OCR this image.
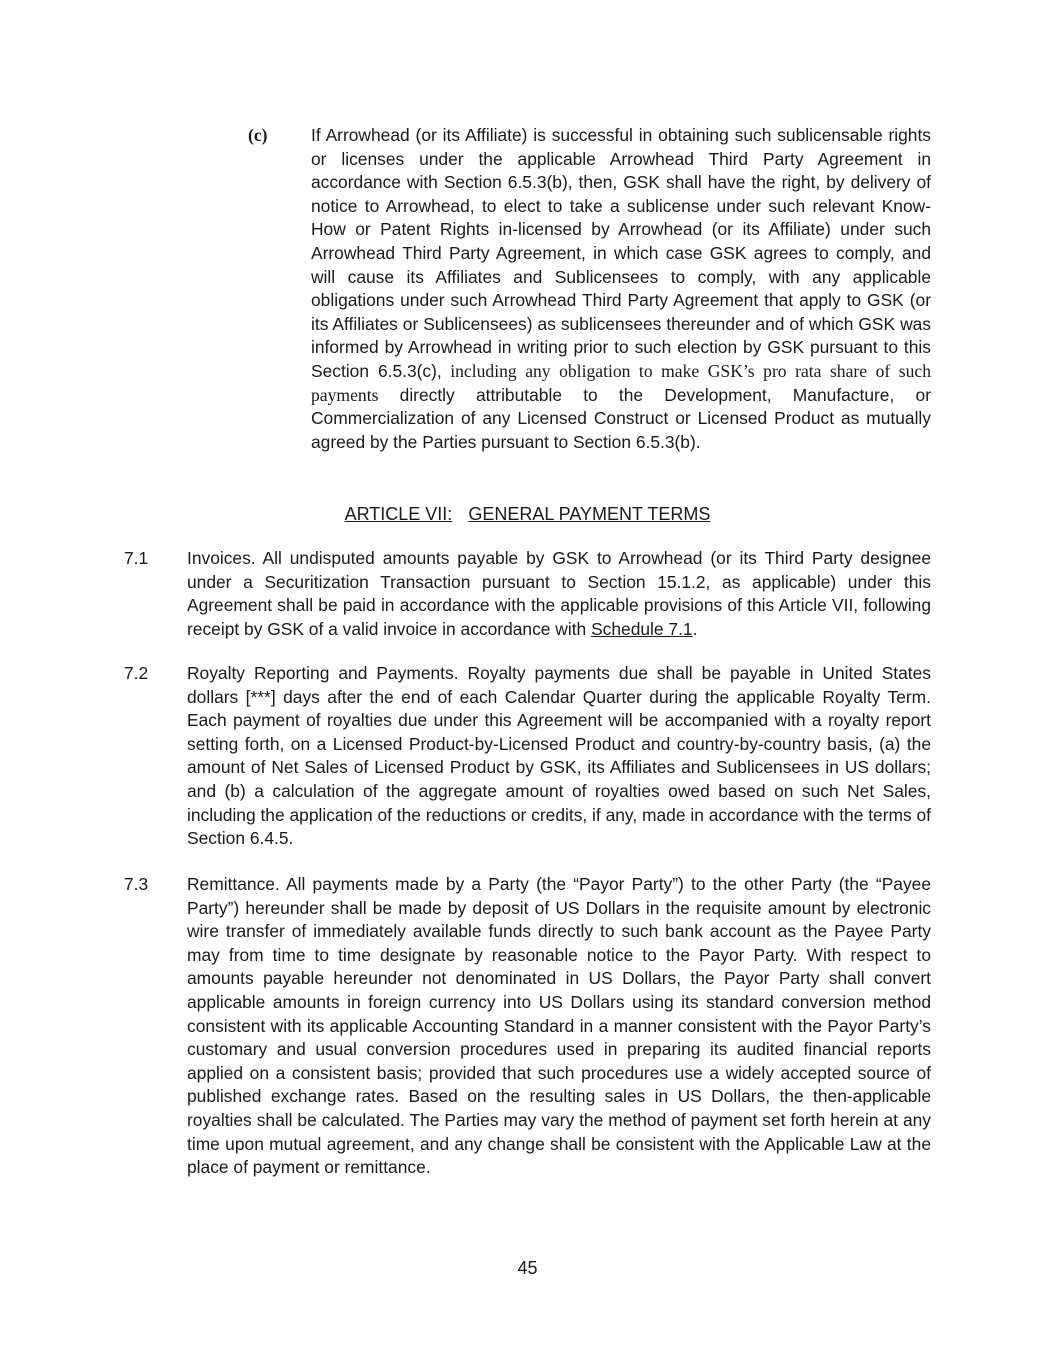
(c)	If Arrowhead (or its Affiliate) is successful in obtaining such sublicensable rights or licenses under the applicable Arrowhead Third Party Agreement in accordance with Section 6.5.3(b), then, GSK shall have the right, by delivery of notice to Arrowhead, to elect to take a sublicense under such relevant Know-How or Patent Rights in-licensed by Arrowhead (or its Affiliate) under such Arrowhead Third Party Agreement, in which case GSK agrees to comply, and will cause its Affiliates and Sublicensees to comply, with any applicable obligations under such Arrowhead Third Party Agreement that apply to GSK (or its Affiliates or Sublicensees) as sublicensees thereunder and of which GSK was informed by Arrowhead in writing prior to such election by GSK pursuant to this Section 6.5.3(c), including any obligation to make GSK’s pro rata share of such payments directly attributable to the Development, Manufacture, or Commercialization of any Licensed Construct or Licensed Product as mutually agreed by the Parties pursuant to Section 6.5.3(b).

ARTICLE VII: GENERAL PAYMENT TERMS
7.1 Invoices. All undisputed amounts payable by GSK to Arrowhead (or its Third Party designee under a Securitization Transaction pursuant to Section 15.1.2, as applicable) under this Agreement shall be paid in accordance with the applicable provisions of this Article VII, following receipt by GSK of a valid invoice in accordance with Schedule 7.1.

7.2 Royalty Reporting and Payments. Royalty payments due shall be payable in United States dollars [***] days after the end of each Calendar Quarter during the applicable Royalty Term. Each payment of royalties due under this Agreement will be accompanied with a royalty report setting forth, on a Licensed Product-by-Licensed Product and country-by-country basis, (a) the amount of Net Sales of Licensed Product by GSK, its Affiliates and Sublicensees in US dollars; and (b) a calculation of the aggregate amount of royalties owed based on such Net Sales, including the application of the reductions or credits, if any, made in accordance with the terms of Section 6.4.5.

7.3 Remittance. All payments made by a Party (the “Payor Party”) to the other Party (the “Payee Party”) hereunder shall be made by deposit of US Dollars in the requisite amount by electronic wire transfer of immediately available funds directly to such bank account as the Payee Party may from time to time designate by reasonable notice to the Payor Party. With respect to amounts payable hereunder not denominated in US Dollars, the Payor Party shall convert applicable amounts in foreign currency into US Dollars using its standard conversion method consistent with its applicable Accounting Standard in a manner consistent with the Payor Party’s customary and usual conversion procedures used in preparing its audited financial reports applied on a consistent basis; provided that such procedures use a widely accepted source of published exchange rates. Based on the resulting sales in US Dollars, the then-applicable royalties shall be calculated. The Parties may vary the method of payment set forth herein at any time upon mutual agreement, and any change shall be consistent with the Applicable Law at the place of payment or remittance.

45
